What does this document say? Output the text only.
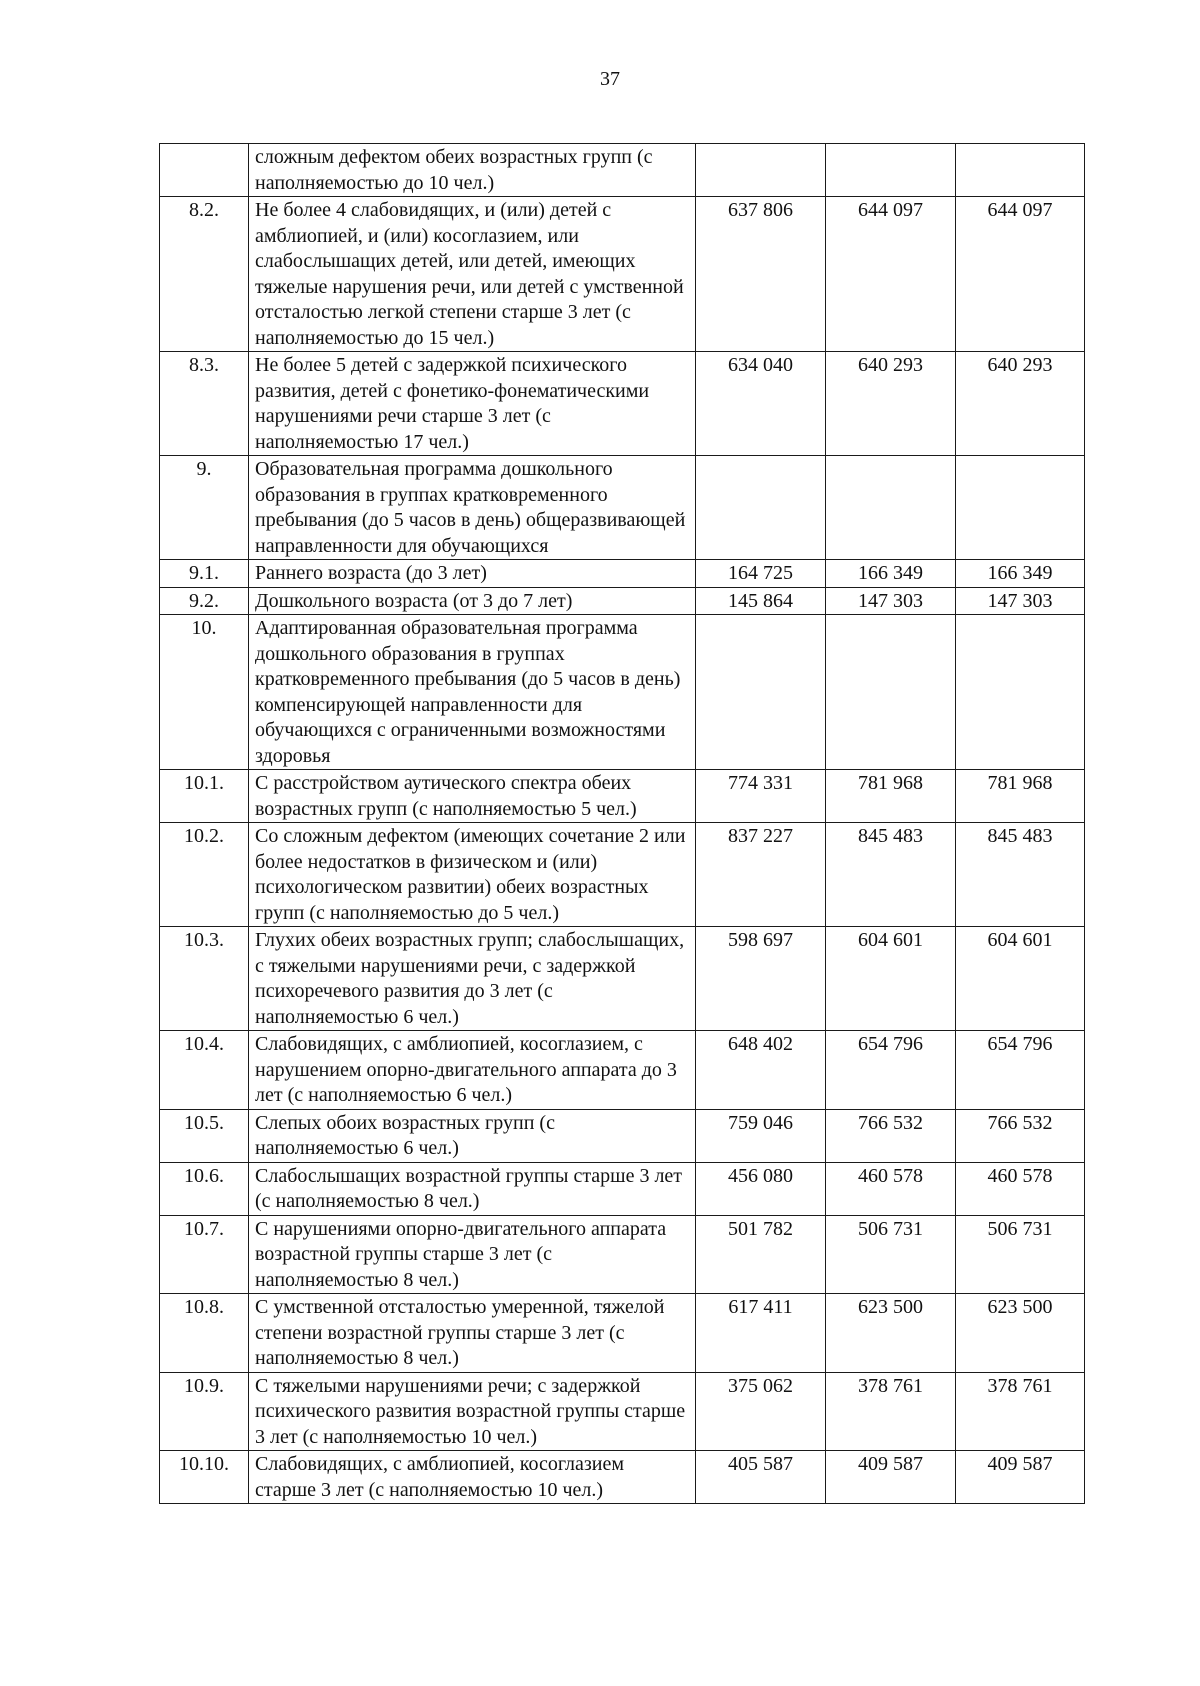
37
	сложным дефектом обеих возрастных групп (с наполняемостью до 10 чел.)			
8.2.	Не более 4 слабовидящих, и (или) детей с амблиопией, и (или) косоглазием, или слабослышащих детей, или детей, имеющих тяжелые нарушения речи, или детей с умственной отсталостью легкой степени старше 3 лет (с наполняемостью до 15 чел.)	637 806	644 097	644 097
8.3.	Не более 5 детей с задержкой психического развития, детей с фонетико-фонематическими нарушениями речи старше 3 лет (с наполняемостью 17 чел.)	634 040	640 293	640 293
9.	Образовательная программа дошкольного образования в группах кратковременного пребывания (до 5 часов в день) общеразвивающей направленности для обучающихся			
9.1.	Раннего возраста (до 3 лет)	164 725	166 349	166 349
9.2.	Дошкольного возраста (от 3 до 7 лет)	145 864	147 303	147 303
10.	Адаптированная образовательная программа дошкольного образования в группах кратковременного пребывания (до 5 часов в день) компенсирующей направленности для обучающихся с ограниченными возможностями здоровья			
10.1.	С расстройством аутического спектра обеих возрастных групп (с наполняемостью 5 чел.)	774 331	781 968	781 968
10.2.	Со сложным дефектом (имеющих сочетание 2 или более недостатков в физическом и (или) психологическом развитии) обеих возрастных групп (с наполняемостью до 5 чел.)	837 227	845 483	845 483
10.3.	Глухих обеих возрастных групп; слабослышащих, с тяжелыми нарушениями речи, с задержкой психоречевого развития до 3 лет (с наполняемостью 6 чел.)	598 697	604 601	604 601
10.4.	Слабовидящих, с амблиопией, косоглазием, с нарушением опорно-двигательного аппарата до 3 лет (с наполняемостью 6 чел.)	648 402	654 796	654 796
10.5.	Слепых обоих возрастных групп (с наполняемостью 6 чел.)	759 046	766 532	766 532
10.6.	Слабослышащих возрастной группы старше 3 лет (с наполняемостью 8 чел.)	456 080	460 578	460 578
10.7.	С нарушениями опорно-двигательного аппарата возрастной группы старше 3 лет (с наполняемостью 8 чел.)	501 782	506 731	506 731
10.8.	С умственной отсталостью умеренной, тяжелой степени возрастной группы старше 3 лет (с наполняемостью 8 чел.)	617 411	623 500	623 500
10.9.	С тяжелыми нарушениями речи; с задержкой психического развития возрастной группы старше 3 лет (с наполняемостью 10 чел.)	375 062	378 761	378 761
10.10.	Слабовидящих, с амблиопией, косоглазием старше 3 лет (с наполняемостью 10 чел.)	405 587	409 587	409 587
